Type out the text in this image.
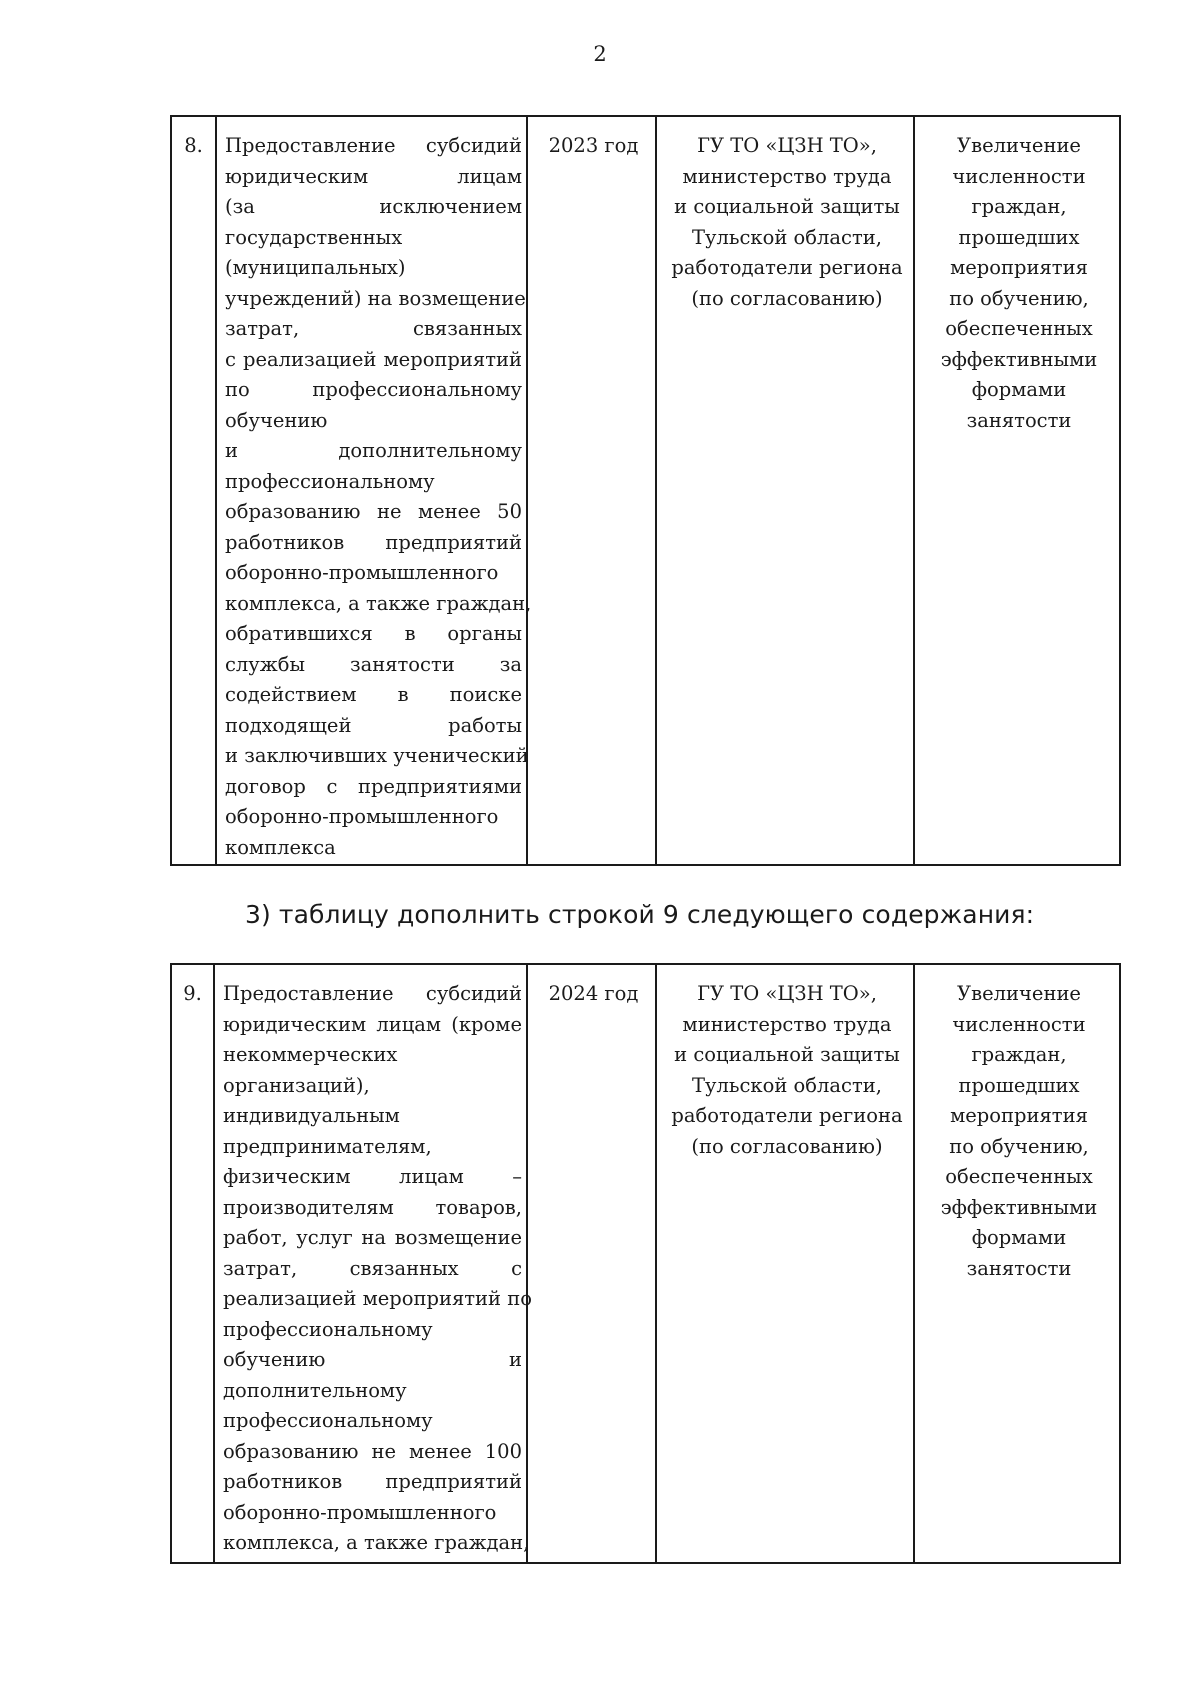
2
8.	Предоставление субсидий
юридическим лицам
(за исключением
государственных
(муниципальных)
учреждений) на возмещение
затрат, связанных
с реализацией мероприятий
по профессиональному
обучению
и дополнительному
профессиональному
образованию не менее 50
работников предприятий
оборонно-промышленного
комплекса, а также граждан,
обратившихся в органы
службы занятости за
содействием в поиске
подходящей работы
и заключивших ученический
договор с предприятиями
оборонно-промышленного
комплекса
	2023 год	ГУ ТО «ЦЗН ТО»,
министерство труда
и социальной защиты
Тульской области,
работодатели региона
(по согласованию)

Увеличение
численности
граждан,
прошедших
мероприятия
по обучению,
обеспеченных
эффективными
формами
занятости
3) таблицу дополнить строкой 9 следующего содержания:
9.	Предоставление субсидий
юридическим лицам (кроме
некоммерческих
организаций),
индивидуальным
предпринимателям,
физическим лицам –
производителям товаров,
работ, услуг на возмещение
затрат, связанных с
реализацией мероприятий по
профессиональному
обучению и
дополнительному
профессиональному
образованию не менее 100
работников предприятий
оборонно-промышленного
комплекса, а также граждан,
	2024 год	ГУ ТО «ЦЗН ТО»,
министерство труда
и социальной защиты
Тульской области,
работодатели региона
(по согласованию)

Увеличение
численности
граждан,
прошедших
мероприятия
по обучению,
обеспеченных
эффективными
формами
занятости
